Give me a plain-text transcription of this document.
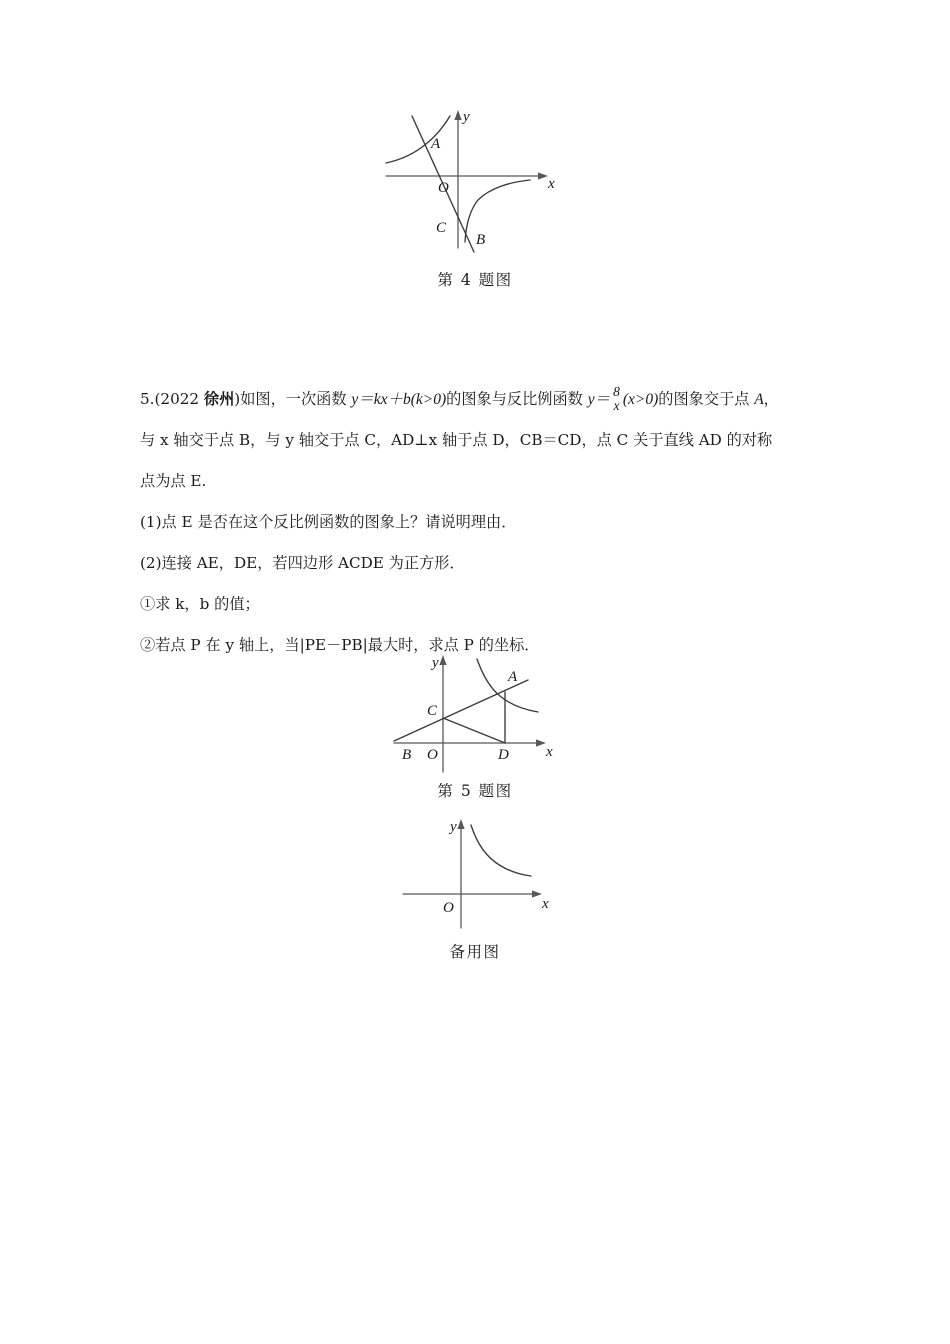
A
O
C
B
x
y
第 4 题图

5.(2022 徐州)如图，一次函数 y＝kx＋b(k>0)的图象与反比例函数 y＝ 8
x (x>0)的图象交于点 A，

与 x 轴交于点 B，与 y 轴交于点 C，AD⊥x 轴于点 D，CB＝CD，点 C 关于直线 AD 的对称

点为点 E.

(1)点 E 是否在这个反比例函数的图象上？请说明理由．

(2)连接 AE，DE，若四边形 ACDE 为正方形．

①求 k，b 的值；

②若点 P 在 y 轴上，当|PE－PB|最大时，求点 P 的坐标．

A
C
B O	D x
y
第 5 题图
O	x
y
备用图
